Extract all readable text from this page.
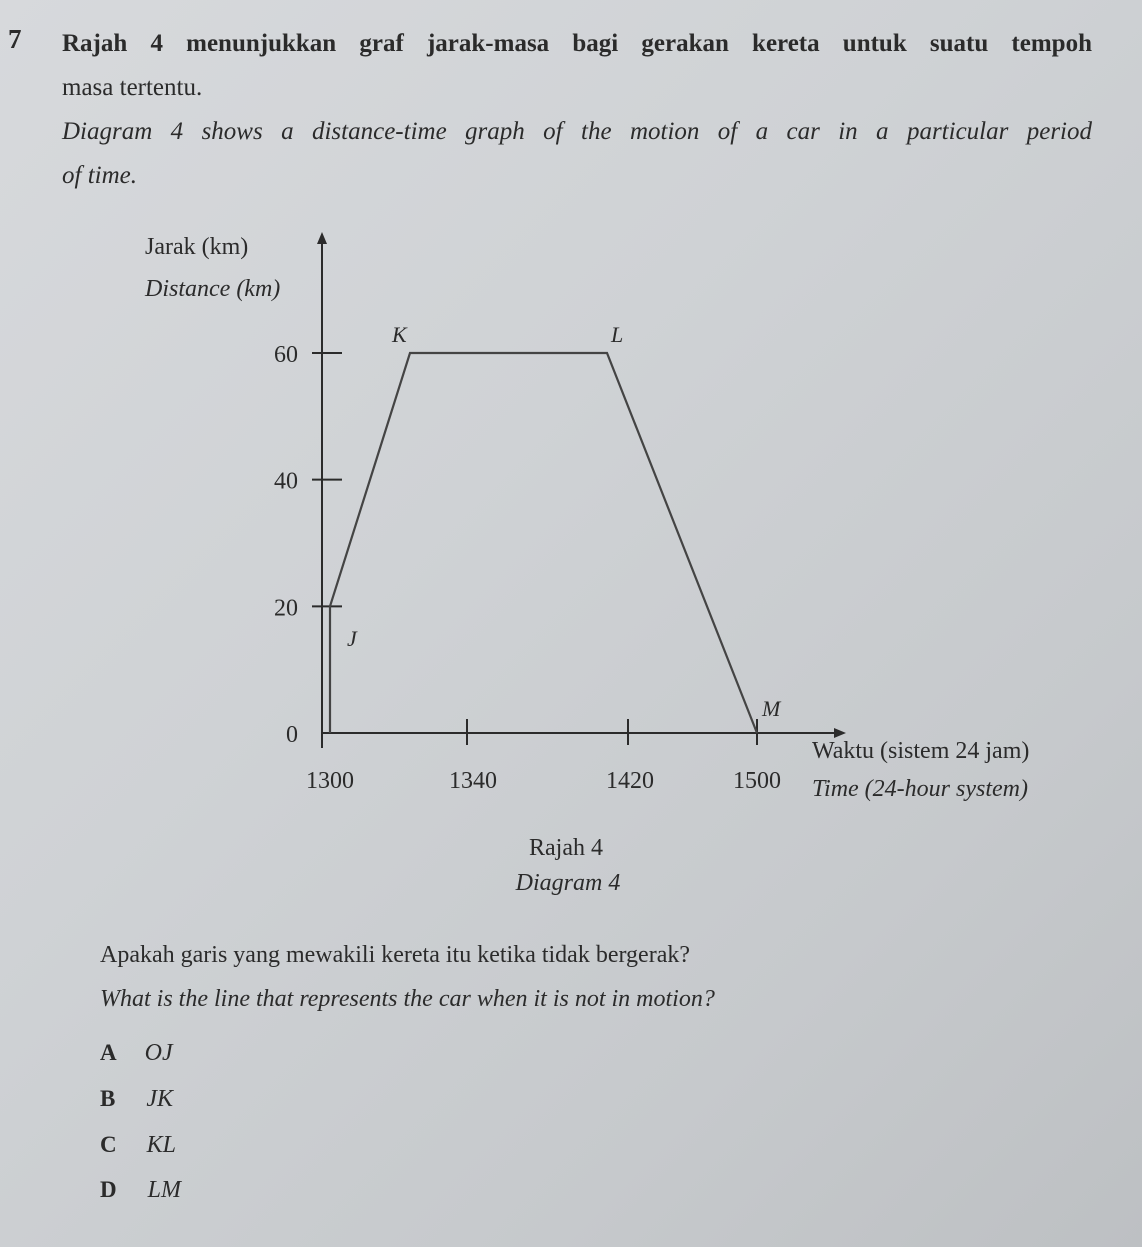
7 Rajah 4 menunjukkan graf jarak-masa bagi gerakan kereta untuk suatu tempoh
masa tertentu.
Diagram 4 shows a distance-time graph of the motion of a car in a particular period
of time.
Jarak (km)
Distance (km)
Waktu (sistem 24 jam)
Time (24-hour system)
0
20
40
60
1300	1340	1420	1500
J
K	L
M
Rajah 4
Diagram 4
Apakah garis yang mewakili kereta itu ketika tidak bergerak?
What is the line that represents the car when it is not in motion?
A OJ
B JK
C KL
D LM
